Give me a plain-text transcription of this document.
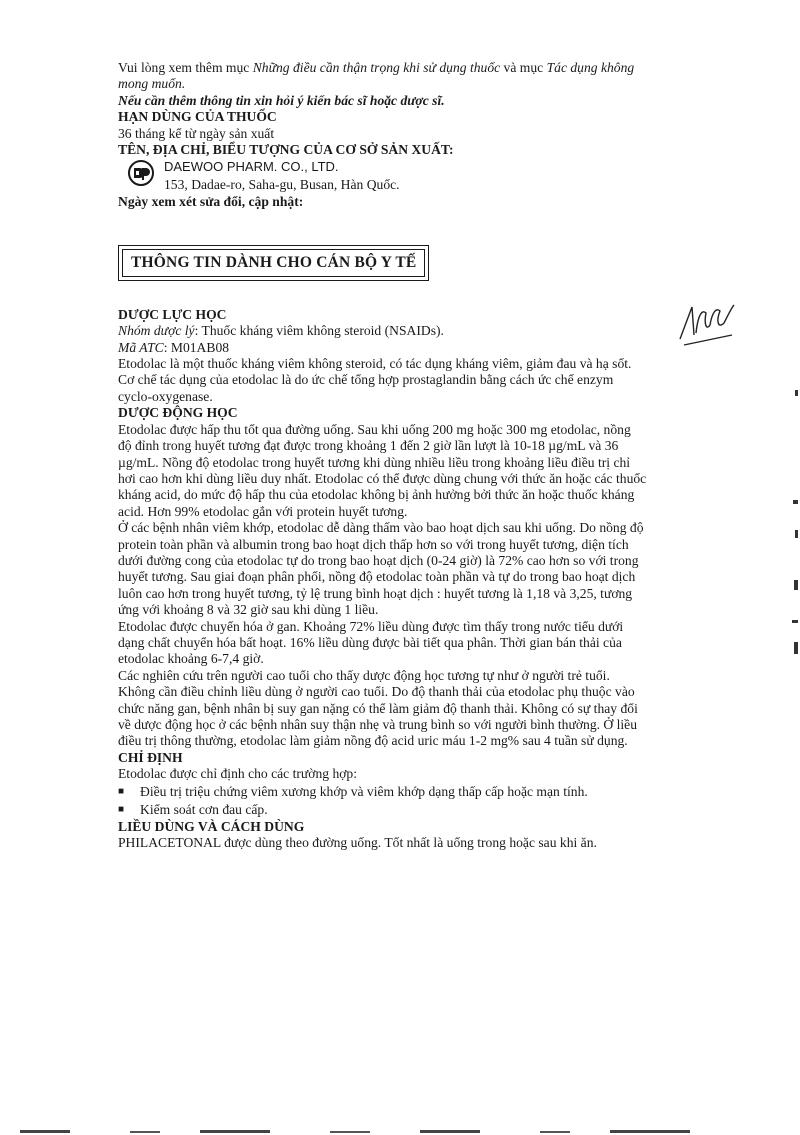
Vui lòng xem thêm mục Những điều cần thận trọng khi sử dụng thuốc và mục Tác dụng không

mong muốn.

Nếu cần thêm thông tin xin hỏi ý kiến bác sĩ hoặc dược sĩ.

HẠN DÙNG CỦA THUỐC

36 tháng kể từ ngày sản xuất

TÊN, ĐỊA CHỈ, BIỂU TƯỢNG CỦA CƠ SỞ SẢN XUẤT:

DAEWOO PHARM. CO., LTD.
153, Dadae-ro, Saha-gu, Busan, Hàn Quốc.

Ngày xem xét sửa đổi, cập nhật:

THÔNG TIN DÀNH CHO CÁN BỘ Y TẾ

DƯỢC LỰC HỌC

Nhóm dược lý: Thuốc kháng viêm không steroid (NSAIDs).

Mã ATC: M01AB08

Etodolac là một thuốc kháng viêm không steroid, có tác dụng kháng viêm, giảm đau và hạ sốt.

Cơ chế tác dụng của etodolac là do ức chế tổng hợp prostaglandin bằng cách ức chế enzym

cyclo-oxygenase.

DƯỢC ĐỘNG HỌC

Etodolac được hấp thu tốt qua đường uống. Sau khi uống 200 mg hoặc 300 mg etodolac, nồng

độ đỉnh trong huyết tương đạt được trong khoảng 1 đến 2 giờ lần lượt là 10-18 µg/mL và 36

µg/mL. Nồng độ etodolac trong huyết tương khi dùng nhiều liều trong khoảng liều điều trị chỉ

hơi cao hơn khi dùng liều duy nhất. Etodolac có thể được dùng chung với thức ăn hoặc các thuốc

kháng acid, do mức độ hấp thu của etodolac không bị ảnh hưởng bởi thức ăn hoặc thuốc kháng

acid. Hơn 99% etodolac gắn với protein huyết tương.

Ở các bệnh nhân viêm khớp, etodolac dễ dàng thấm vào bao hoạt dịch sau khi uống. Do nồng độ

protein toàn phần và albumin trong bao hoạt dịch thấp hơn so với trong huyết tương, diện tích

dưới đường cong của etodolac tự do trong bao hoạt dịch (0-24 giờ) là 72% cao hơn so với trong

huyết tương. Sau giai đoạn phân phối, nồng độ etodolac toàn phần và tự do trong bao hoạt dịch

luôn cao hơn trong huyết tương, tỷ lệ trung bình hoạt dịch : huyết tương là 1,18 và 3,25, tương

ứng với khoảng 8 và 32 giờ sau khi dùng 1 liều.

Etodolac được chuyển hóa ở gan. Khoảng 72% liều dùng được tìm thấy trong nước tiểu dưới

dạng chất chuyển hóa bất hoạt. 16% liều dùng được bài tiết qua phân. Thời gian bán thải của

etodolac khoảng 6-7,4 giờ.

Các nghiên cứu trên người cao tuổi cho thấy dược động học tương tự như ở người trẻ tuổi.

Không cần điều chỉnh liều dùng ở người cao tuổi. Do độ thanh thải của etodolac phụ thuộc vào

chức năng gan, bệnh nhân bị suy gan nặng có thể làm giảm độ thanh thải. Không có sự thay đổi

về dược động học ở các bệnh nhân suy thận nhẹ và trung bình so với người bình thường. Ở liều

điều trị thông thường, etodolac làm giảm nồng độ acid uric máu 1-2 mg% sau 4 tuần sử dụng.

CHỈ ĐỊNH

Etodolac được chỉ định cho các trường hợp:

■	Điều trị triệu chứng viêm xương khớp và viêm khớp dạng thấp cấp hoặc mạn tính.
■	Kiểm soát cơn đau cấp.

LIỀU DÙNG VÀ CÁCH DÙNG

PHILACETONAL được dùng theo đường uống. Tốt nhất là uống trong hoặc sau khi ăn.
